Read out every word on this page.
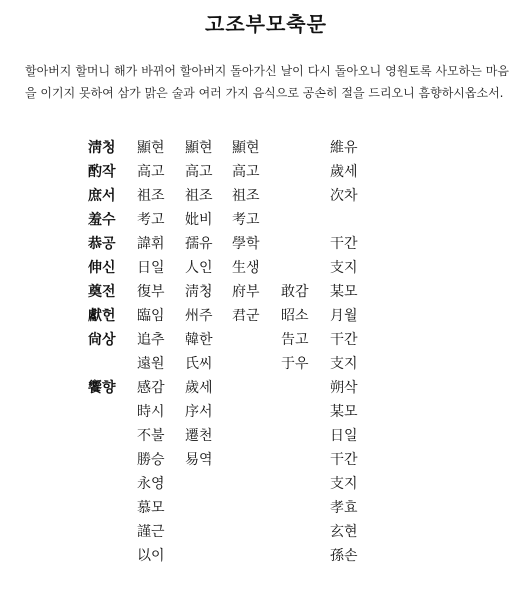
고조부모축문
할아버지 할머니 해가 바뀌어 할아버지 돌아가신 날이 다시 돌아오니 영원토록 사모하는 마음을 이기지 못하여 삼가 맑은 술과 여러 가지 음식으로 공손히 절을 드리오니 흠향하시옵소서.
淸청 顯현 顯현 顯현	維유
酌작 高고 高고 高고	歲세
庶서 祖조 祖조 祖조	次차
羞수 考고 妣비 考고
恭공 諱휘 孺유 學학	干간
伸신 日일 人인 生생	支지
奠전 復부 淸청 府부 敢감 某모
獻헌 臨임 州주 君군 昭소 月월
尙상 追추 韓한	告고 干간
遠원 氏씨	于우 支지
饗향 感감 歲세	朔삭
時시 序서	某모
不불 遷천	日일
勝승 易역	干간
永영	支지
慕모	孝효
謹근	玄현
以이	孫손
